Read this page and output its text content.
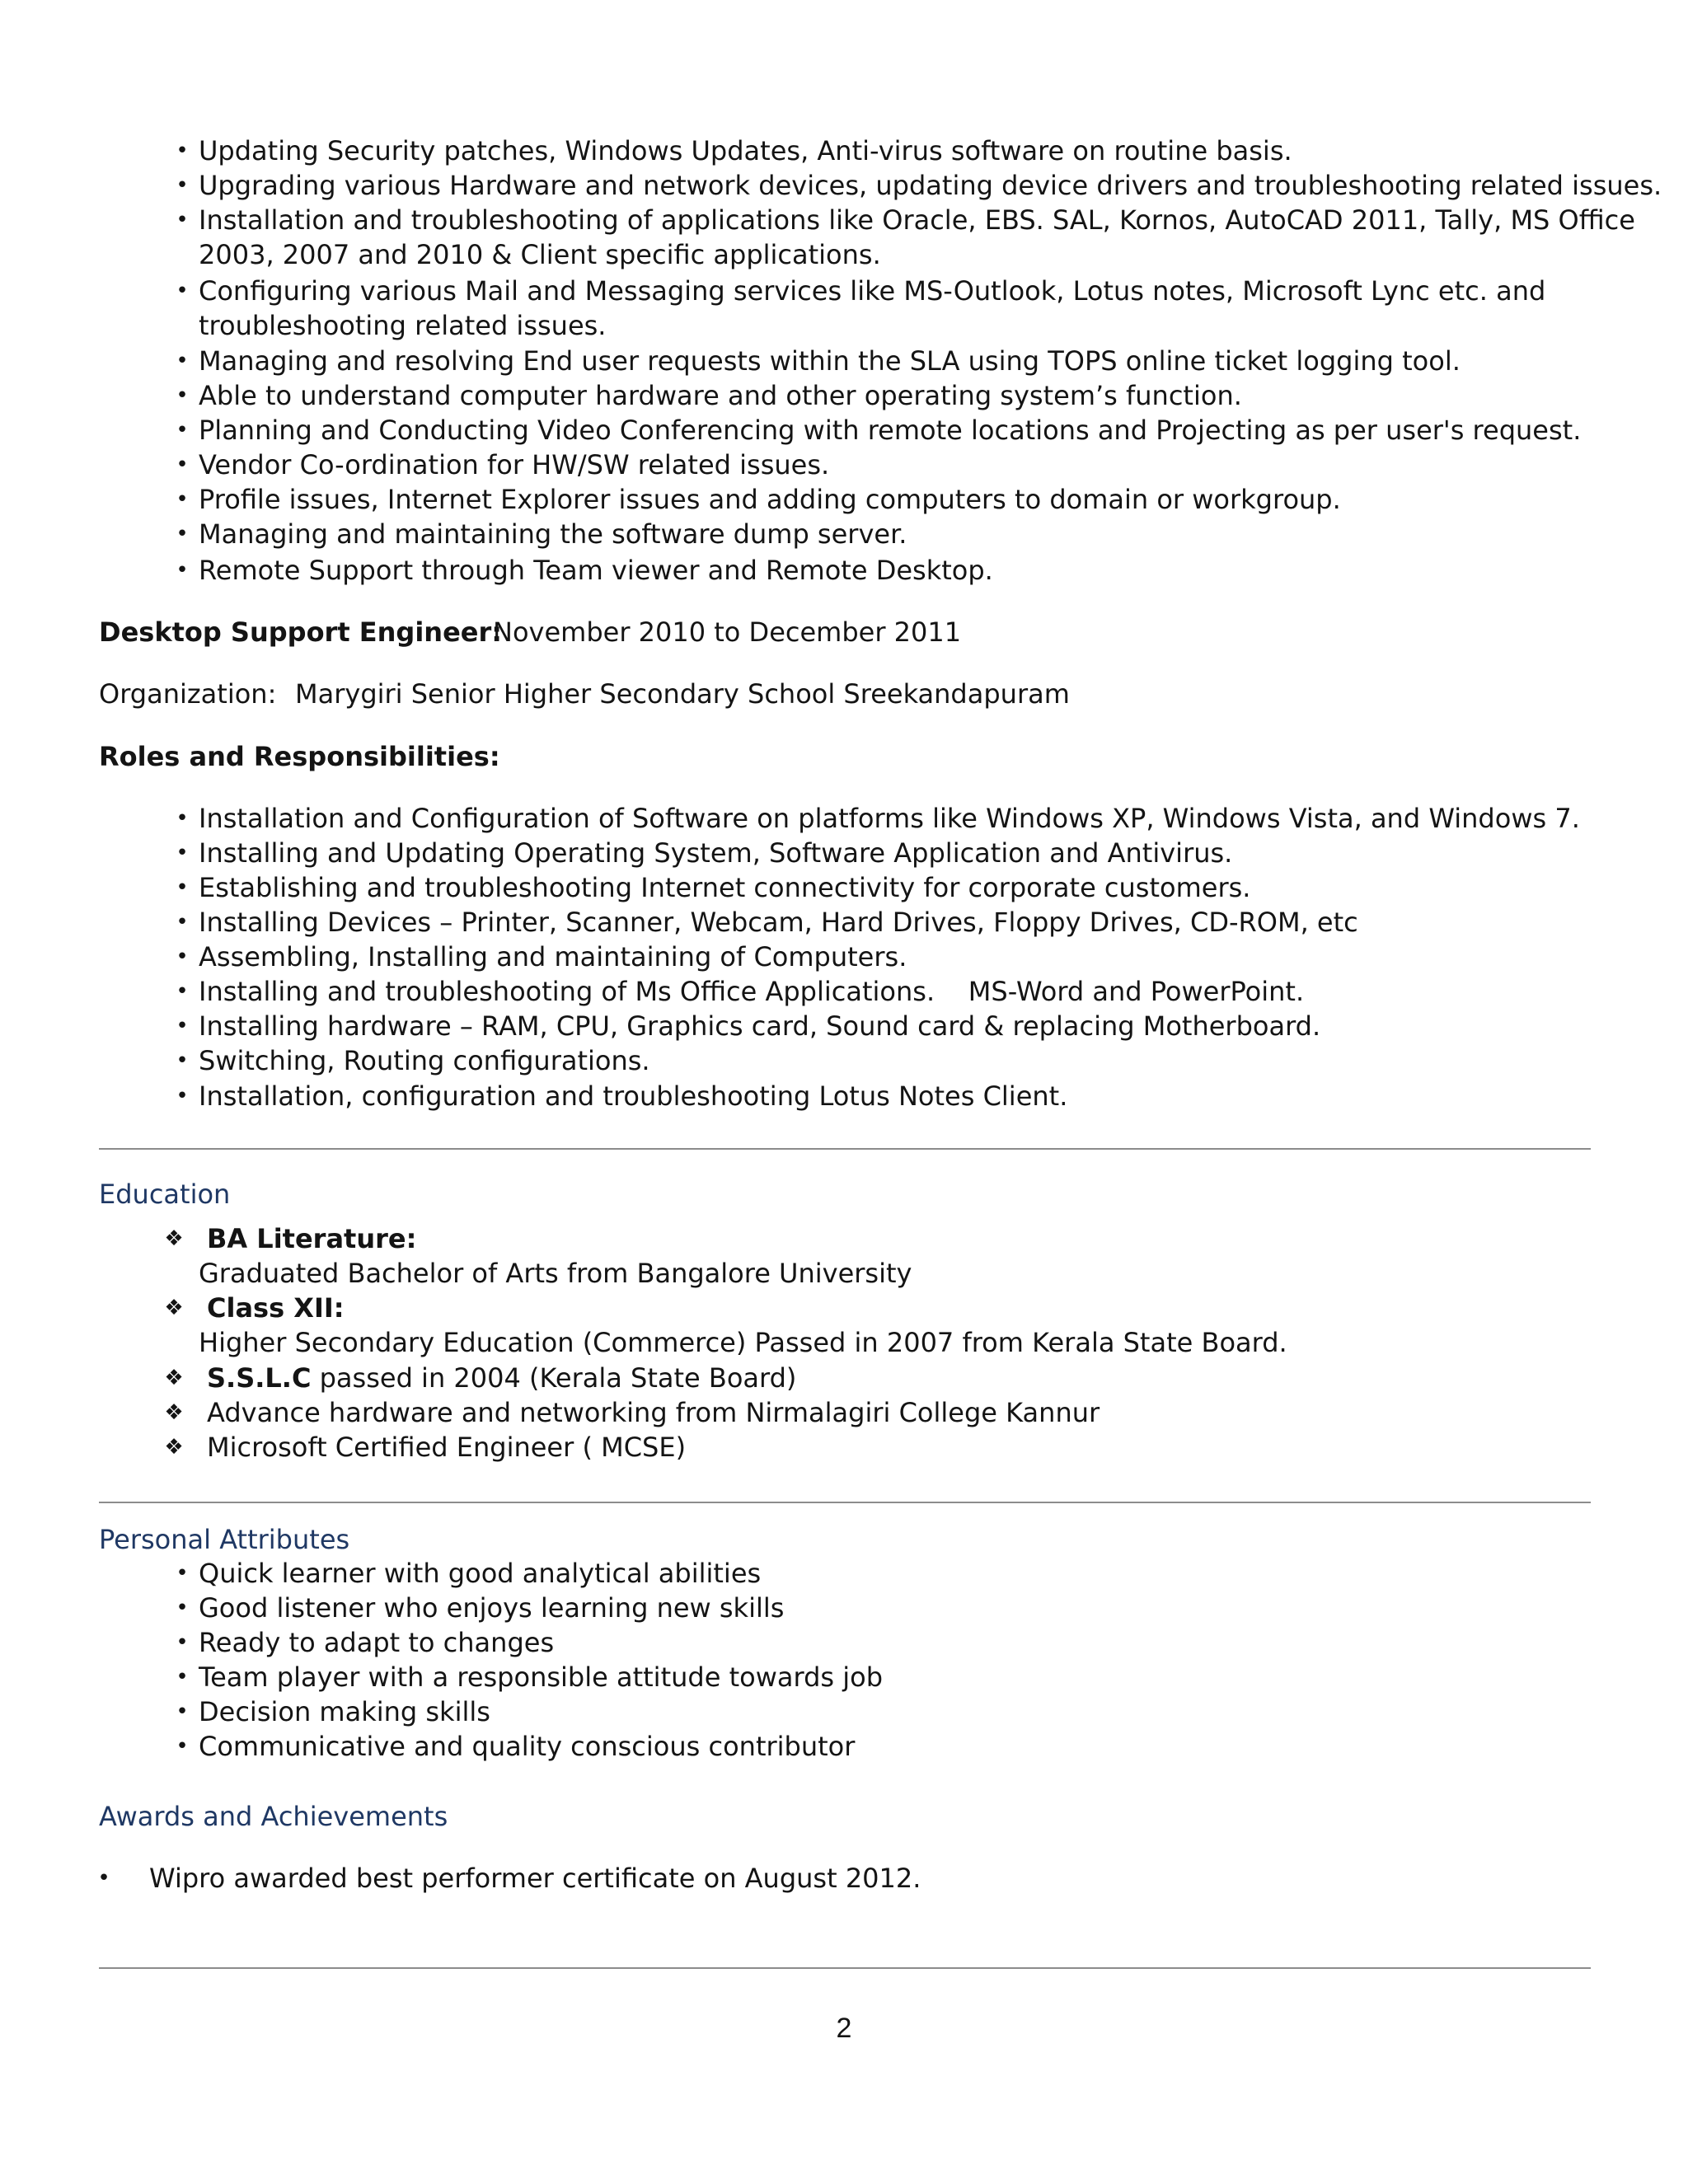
• Updating Security patches, Windows Updates, Anti-virus software on routine basis.
• Upgrading various Hardware and network devices, updating device drivers and troubleshooting related issues.
• Installation and troubleshooting of applications like Oracle, EBS. SAL, Kornos, AutoCAD 2011, Tally, MS Office
2003, 2007 and 2010 & Client specific applications.
• Configuring various Mail and Messaging services like MS-Outlook, Lotus notes, Microsoft Lync etc. and
troubleshooting related issues.
• Managing and resolving End user requests within the SLA using TOPS online ticket logging tool.
• Able to understand computer hardware and other operating system’s function.
• Planning and Conducting Video Conferencing with remote locations and Projecting as per user's request.
• Vendor Co-ordination for HW/SW related issues.
• Profile issues, Internet Explorer issues and adding computers to domain or workgroup.
• Managing and maintaining the software dump server.
• Remote Support through Team viewer and Remote Desktop.
Desktop Support Engineer:
November 2010 to December 2011
Organization: Marygiri Senior Higher Secondary School Sreekandapuram
Roles and Responsibilities:
• Installation and Configuration of Software on platforms like Windows XP, Windows Vista, and Windows 7.
• Installing and Updating Operating System, Software Application and Antivirus.
• Establishing and troubleshooting Internet connectivity for corporate customers.
• Installing Devices – Printer, Scanner, Webcam, Hard Drives, Floppy Drives, CD-ROM, etc
• Assembling, Installing and maintaining of Computers.
• Installing and troubleshooting of Ms Office Applications.    MS-Word and PowerPoint.
• Installing hardware – RAM, CPU, Graphics card, Sound card & replacing Motherboard.
• Switching, Routing configurations.
• Installation, configuration and troubleshooting Lotus Notes Client.
Education
❖ BA Literature:
Graduated Bachelor of Arts from Bangalore University
❖ Class XII:
Higher Secondary Education (Commerce) Passed in 2007 from Kerala State Board.
❖ S.S.L.C passed in 2004 (Kerala State Board)
❖ Advance hardware and networking from Nirmalagiri College Kannur
❖ Microsoft Certified Engineer ( MCSE)
Personal Attributes
• Quick learner with good analytical abilities
• Good listener who enjoys learning new skills
• Ready to adapt to changes
• Team player with a responsible attitude towards job
• Decision making skills
• Communicative and quality conscious contributor
Awards and Achievements
• Wipro awarded best performer certificate on August 2012.
2
